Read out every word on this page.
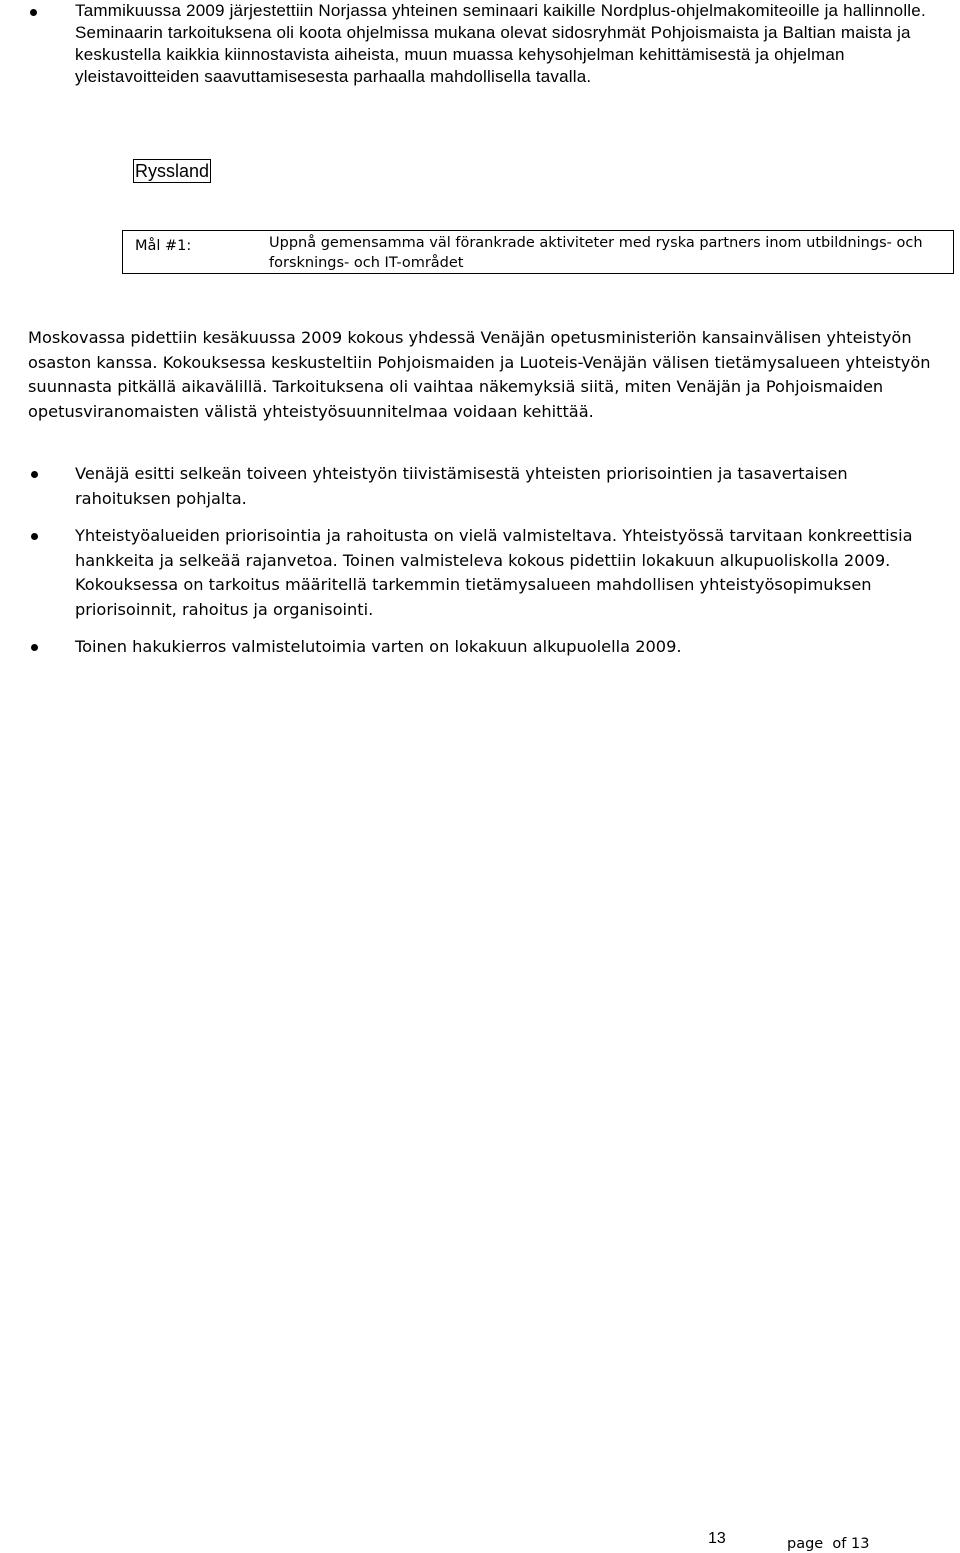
Tammikuussa 2009 järjestettiin Norjassa yhteinen seminaari kaikille Nordplus-ohjelmakomiteoille ja hallinnolle. Seminaarin tarkoituksena oli koota ohjelmissa mukana olevat sidosryhmät Pohjoismaista ja Baltian maista ja keskustella kaikkia kiinnostavista aiheista, muun muassa kehysohjelman kehittämisestä ja ohjelman yleistavoitteiden saavuttamisesesta parhaalla mahdollisella tavalla.

Ryssland
Mål #1:	Uppnå gemensamma väl förankrade aktiviteter med ryska partners inom utbildnings- och forsknings- och IT-området

Moskovassa pidettiin kesäkuussa 2009 kokous yhdessä Venäjän opetusministeriön kansainvälisen yhteistyön osaston kanssa. Kokouksessa keskusteltiin Pohjoismaiden ja Luoteis-Venäjän välisen tietämysalueen yhteistyön suunnasta pitkällä aikavälillä. Tarkoituksena oli vaihtaa näkemyksiä siitä, miten Venäjän ja Pohjoismaiden opetusviranomaisten välistä yhteistyösuunnitelmaa voidaan kehittää.

Venäjä esitti selkeän toiveen yhteistyön tiivistämisestä yhteisten priorisointien ja tasavertaisen rahoituksen pohjalta.
Yhteistyöalueiden priorisointia ja rahoitusta on vielä valmisteltava. Yhteistyössä tarvitaan konkreettisia hankkeita ja selkeää rajanvetoa. Toinen valmisteleva kokous pidettiin lokakuun alkupuoliskolla 2009. Kokouksessa on tarkoitus määritellä tarkemmin tietämysalueen mahdollisen yhteistyösopimuksen priorisoinnit, rahoitus ja organisointi.
Toinen hakukierros valmistelutoimia varten on lokakuun alkupuolella 2009.
13	page  of 13
